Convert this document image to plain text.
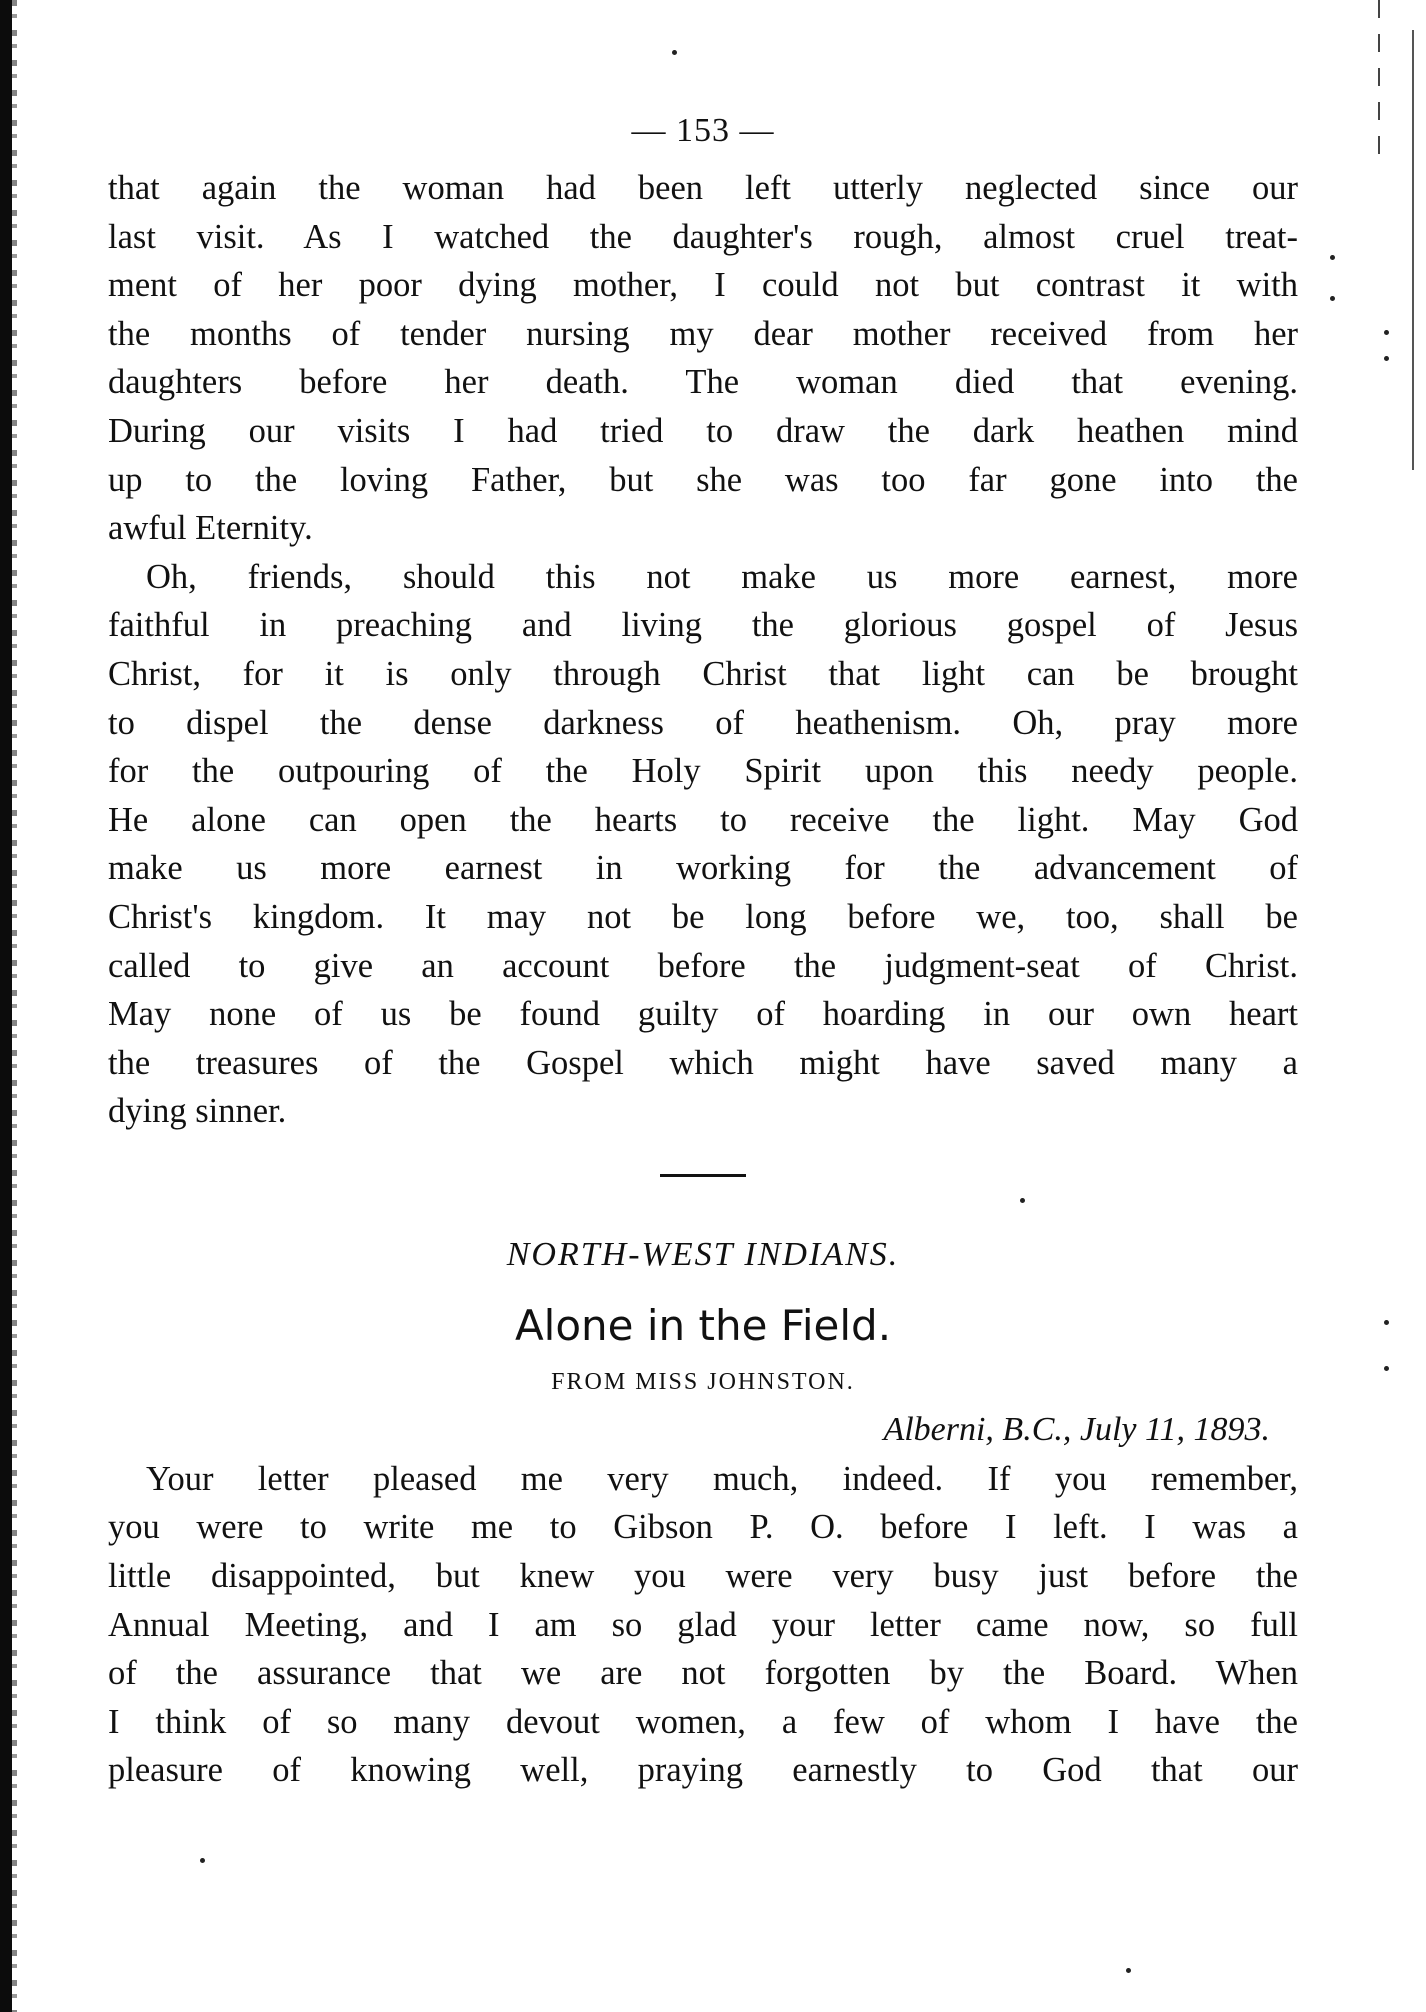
— 153 —
that again the woman had been left utterly neglected since our
last visit. As I watched the daughter's rough, almost cruel treat-
ment of her poor dying mother, I could not but contrast it with
the months of tender nursing my dear mother received from her
daughters before her death. The woman died that evening.
During our visits I had tried to draw the dark heathen mind
up to the loving Father, but she was too far gone into the
awful Eternity.
Oh, friends, should this not make us more earnest, more
faithful in preaching and living the glorious gospel of Jesus
Christ, for it is only through Christ that light can be brought
to dispel the dense darkness of heathenism. Oh, pray more
for the outpouring of the Holy Spirit upon this needy people.
He alone can open the hearts to receive the light. May God
make us more earnest in working for the advancement of
Christ's kingdom. It may not be long before we, too, shall be
called to give an account before the judgment-seat of Christ.
May none of us be found guilty of hoarding in our own heart
the treasures of the Gospel which might have saved many a
dying sinner.
NORTH-WEST INDIANS.
Alone in the Field.
FROM MISS JOHNSTON.
Alberni, B.C., July 11, 1893.
Your letter pleased me very much, indeed. If you remember,
you were to write me to Gibson P. O. before I left. I was a
little disappointed, but knew you were very busy just before the
Annual Meeting, and I am so glad your letter came now, so full
of the assurance that we are not forgotten by the Board. When
I think of so many devout women, a few of whom I have the
pleasure of knowing well, praying earnestly to God that our
